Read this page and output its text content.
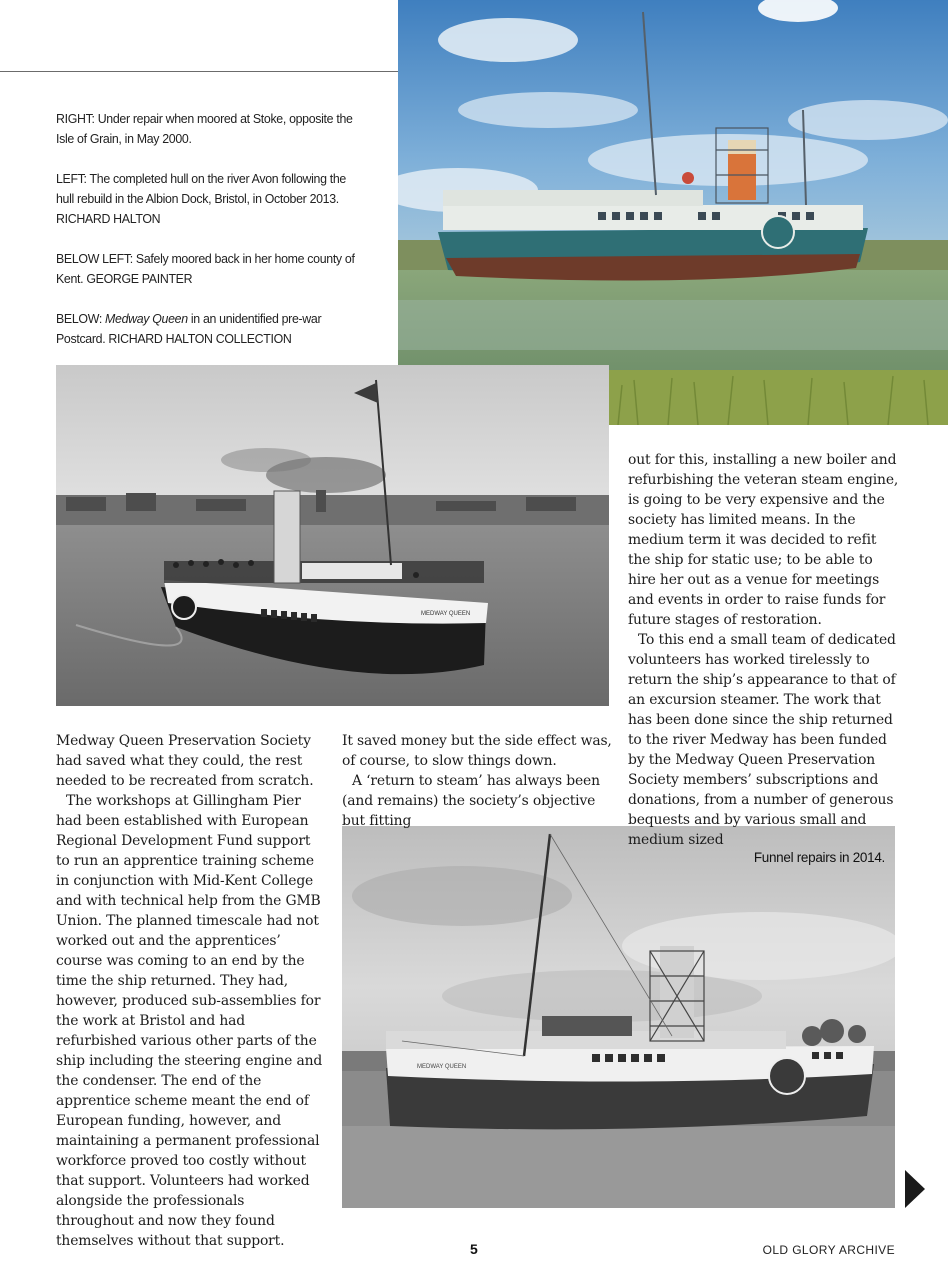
RIGHT: Under repair when moored at Stoke, opposite the Isle of Grain, in May 2000.

LEFT: The completed hull on the river Avon following the hull rebuild in the Albion Dock, Bristol, in October 2013. RICHARD HALTON

BELOW LEFT: Safely moored back in her home county of Kent. GEORGE PAINTER

BELOW: Medway Queen in an unidentified pre-war Postcard. RICHARD HALTON COLLECTION

MEDWAY QUEEN
MEDWAY QUEEN
Funnel repairs in 2014.

Medway Queen Preservation Society had saved what they could, the rest needed to be recreated from scratch.

The workshops at Gillingham Pier had been established with European Regional Development Fund support to run an apprentice training scheme in conjunction with Mid-Kent College and with technical help from the GMB Union. The planned timescale had not worked out and the apprentices’ course was coming to an end by the time the ship returned. They had, however, produced sub-assemblies for the work at Bristol and had refurbished various other parts of the ship including the steering engine and the condenser. The end of the apprentice scheme meant the end of European funding, however, and maintaining a permanent professional workforce proved too costly without that support. Volunteers had worked alongside the professionals throughout and now they found themselves without that support.

It saved money but the side effect was, of course, to slow things down.

A ‘return to steam’ has always been (and remains) the society’s objective but fitting

out for this, installing a new boiler and refurbishing the veteran steam engine, is going to be very expensive and the society has limited means. In the medium term it was decided to refit the ship for static use; to be able to hire her out as a venue for meetings and events in order to raise funds for future stages of restoration.

To this end a small team of dedicated volunteers has worked tirelessly to return the ship’s appearance to that of an excursion steamer. The work that has been done since the ship returned to the river Medway has been funded by the Medway Queen Preservation Society members’ subscriptions and donations, from a number of generous bequests and by various small and medium sized

5	OLD GLORY ARCHIVE
